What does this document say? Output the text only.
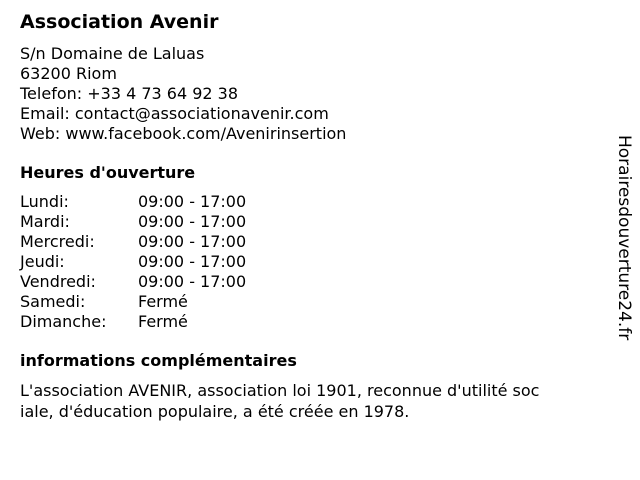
Association Avenir
S/n Domaine de Laluas
63200 Riom
Telefon: +33 4 73 64 92 38
Email: contact@associationavenir.com
Web: www.facebook.com/Avenirinsertion
Heures d'ouverture
Lundi:	09:00 - 17:00
Mardi:	09:00 - 17:00
Mercredi:	09:00 - 17:00
Jeudi:	09:00 - 17:00
Vendredi:	09:00 - 17:00
Samedi:	Fermé
Dimanche:	Fermé
informations complémentaires
L'association AVENIR, association loi 1901, reconnue d'utilité sociale, d'éducation populaire, a été créée en 1978.
Horairesdouverture24.fr
